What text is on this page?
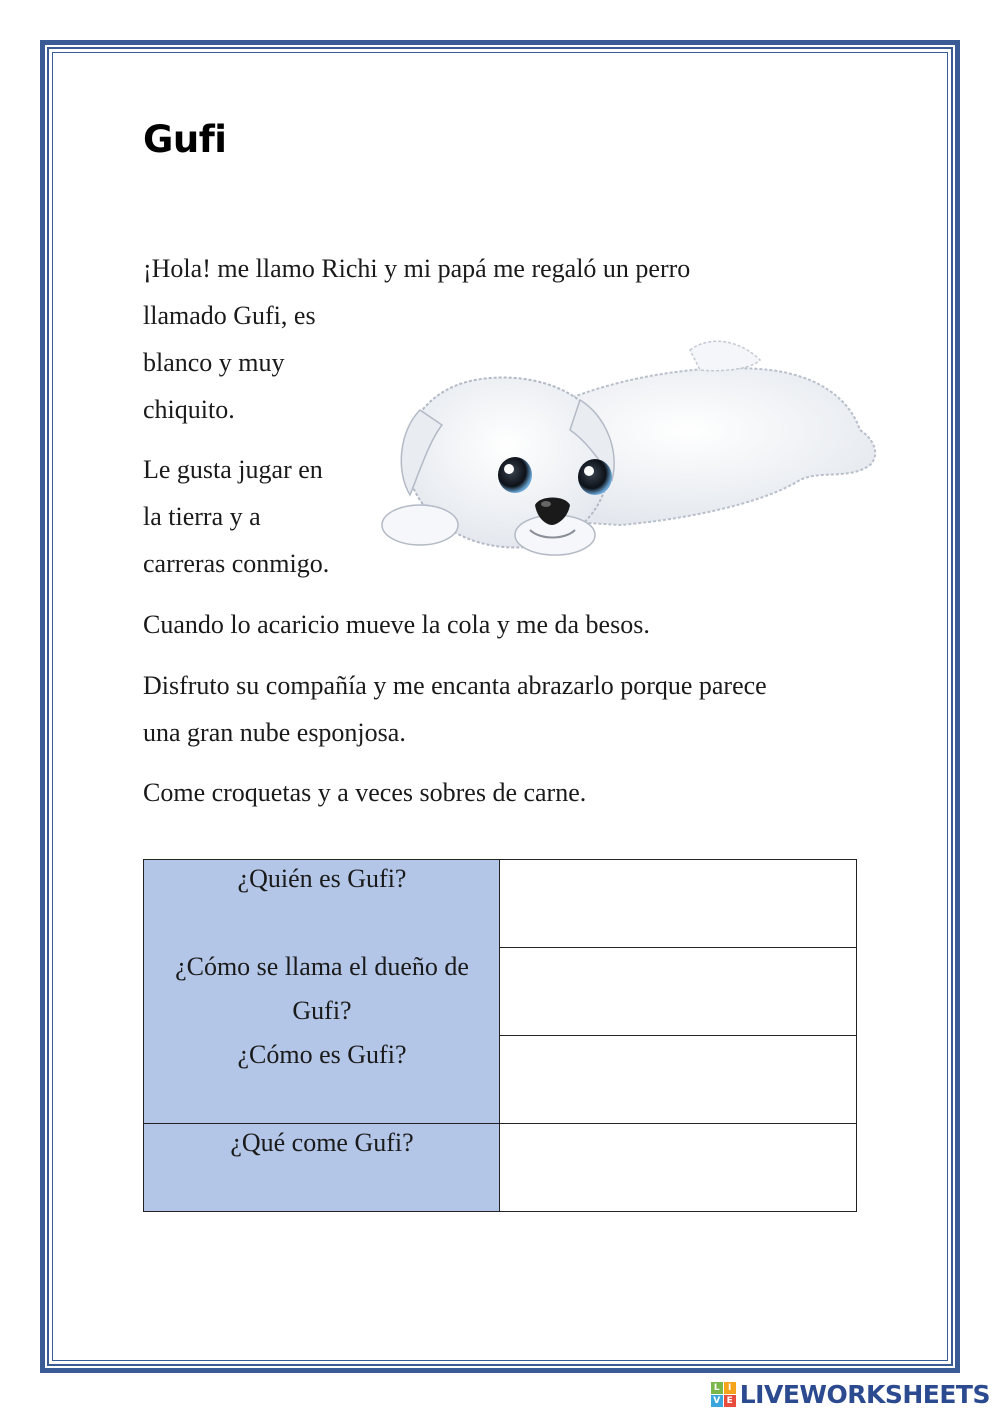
Gufi

¡Hola! me llamo Richi y mi papá me regaló un perro

llamado Gufi, es

blanco y muy

chiquito.

Le gusta jugar en

la tierra y a

carreras conmigo.

Cuando lo acaricio mueve la cola y me da besos.

Disfruto su compañía y me encanta abrazarlo porque parece

una gran nube esponjosa.

Come croquetas y a veces sobres de carne.

¿Quién es Gufi?

¿Cómo se llama el dueño de

Gufi?

¿Cómo es Gufi?

¿Qué come Gufi?

L I
V E LIVEWORKSHEETS
